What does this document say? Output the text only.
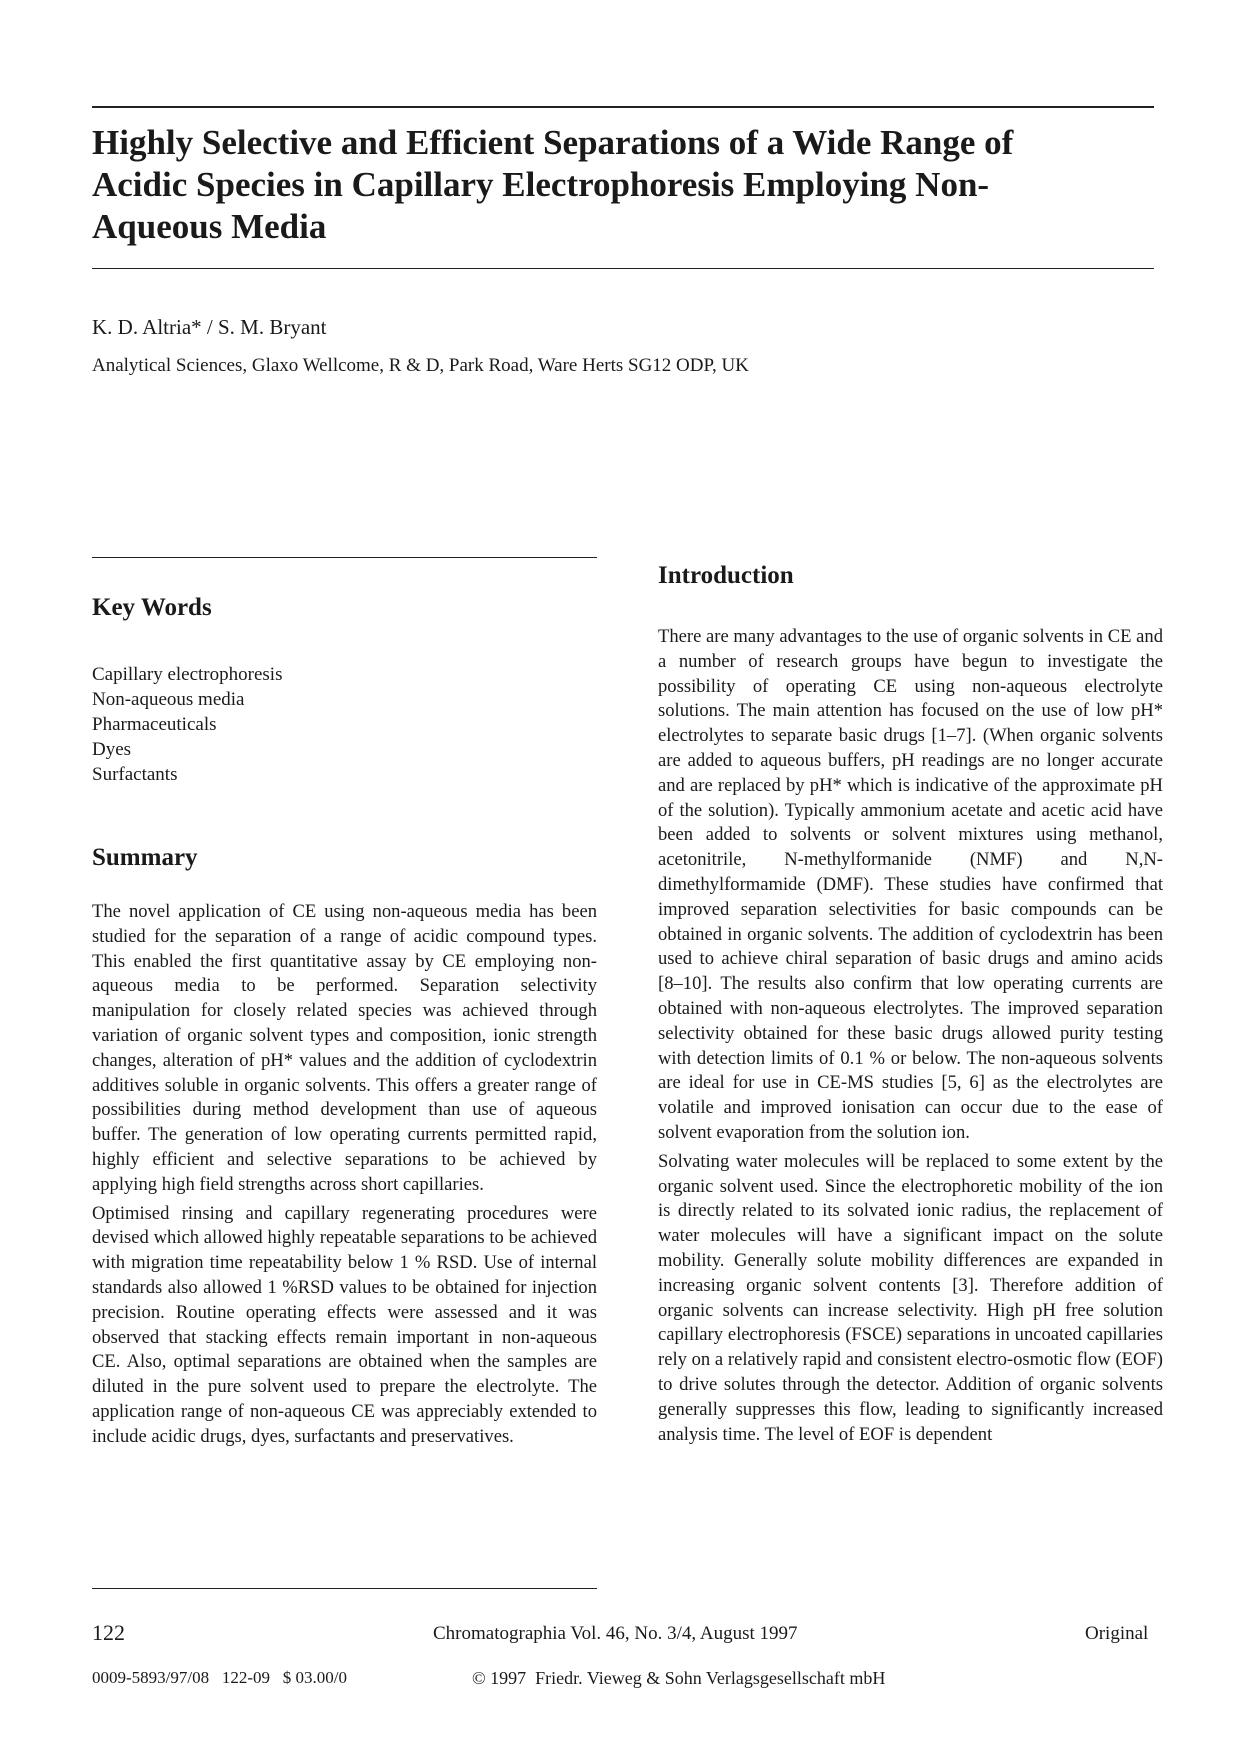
Highly Selective and Efficient Separations of a Wide Range of Acidic Species in Capillary Electrophoresis Employing Non-Aqueous Media

K. D. Altria* / S. M. Bryant

Analytical Sciences, Glaxo Wellcome, R & D, Park Road, Ware Herts SG12 ODP, UK

Key Words
Capillary electrophoresis
Non-aqueous media
Pharmaceuticals
Dyes
Surfactants
Summary

The novel application of CE using non-aqueous media has been studied for the separation of a range of acidic compound types. This enabled the first quantitative assay by CE employing non-aqueous media to be performed. Separation selectivity manipulation for closely related species was achieved through variation of organic solvent types and composition, ionic strength changes, alteration of pH* values and the addition of cyclodextrin additives soluble in organic solvents. This offers a greater range of possibilities during method development than use of aqueous buffer. The generation of low operating currents permitted rapid, highly efficient and selective separations to be achieved by applying high field strengths across short capillaries.

Optimised rinsing and capillary regenerating procedures were devised which allowed highly repeatable separations to be achieved with migration time repeatability below 1 % RSD. Use of internal standards also allowed 1 %RSD values to be obtained for injection precision. Routine operating effects were assessed and it was observed that stacking effects remain important in non-aqueous CE. Also, optimal separations are obtained when the samples are diluted in the pure solvent used to prepare the electrolyte. The application range of non-aqueous CE was appreciably extended to include acidic drugs, dyes, surfactants and preservatives.

Introduction

There are many advantages to the use of organic solvents in CE and a number of research groups have begun to investigate the possibility of operating CE using non-aqueous electrolyte solutions. The main attention has focused on the use of low pH* electrolytes to separate basic drugs [1–7]. (When organic solvents are added to aqueous buffers, pH readings are no longer accurate and are replaced by pH* which is indicative of the approximate pH of the solution). Typically ammonium acetate and acetic acid have been added to solvents or solvent mixtures using methanol, acetonitrile, N-methylformanide (NMF) and N,N-dimethylformamide (DMF). These studies have confirmed that improved separation selectivities for basic compounds can be obtained in organic solvents. The addition of cyclodextrin has been used to achieve chiral separation of basic drugs and amino acids [8–10]. The results also confirm that low operating currents are obtained with non-aqueous electrolytes. The improved separation selectivity obtained for these basic drugs allowed purity testing with detection limits of 0.1 % or below. The non-aqueous solvents are ideal for use in CE-MS studies [5, 6] as the electrolytes are volatile and improved ionisation can occur due to the ease of solvent evaporation from the solution ion.

Solvating water molecules will be replaced to some extent by the organic solvent used. Since the electrophoretic mobility of the ion is directly related to its solvated ionic radius, the replacement of water molecules will have a significant impact on the solute mobility. Generally solute mobility differences are expanded in increasing organic solvent contents [3]. Therefore addition of organic solvents can increase selectivity. High pH free solution capillary electrophoresis (FSCE) separations in uncoated capillaries rely on a relatively rapid and consistent electro-osmotic flow (EOF) to drive solutes through the detector. Addition of organic solvents generally suppresses this flow, leading to significantly increased analysis time. The level of EOF is dependent

122	Chromatographia Vol. 46, No. 3/4, August 1997	Original

0009-5893/97/08   122-09   $ 03.00/0	© 1997  Friedr. Vieweg & Sohn Verlagsgesellschaft mbH
